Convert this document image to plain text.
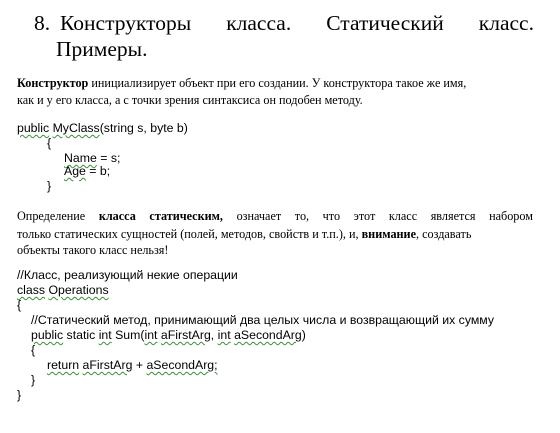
8. Конструкторы класса. Статический класс.
Примеры.
Конструктор инициализирует объект при его создании. У конструктора такое же имя,
как и у его класса, а с точки зрения синтаксиса он подобен методу.
public MyClass(string s, byte b)
{
Name = s;
Age = b;
}
Определение класса статическим, означает то, что этот класс является набором
только статических сущностей (полей, методов, свойств и т.п.), и, внимание, создавать
объекты такого класс нельзя!
//Класс, реализующий некие операции
class Operations
{
//Статический метод, принимающий два целых числа и возвращающий их сумму
public static int Sum(int aFirstArg, int aSecondArg)
{
return aFirstArg + aSecondArg;
}
}
